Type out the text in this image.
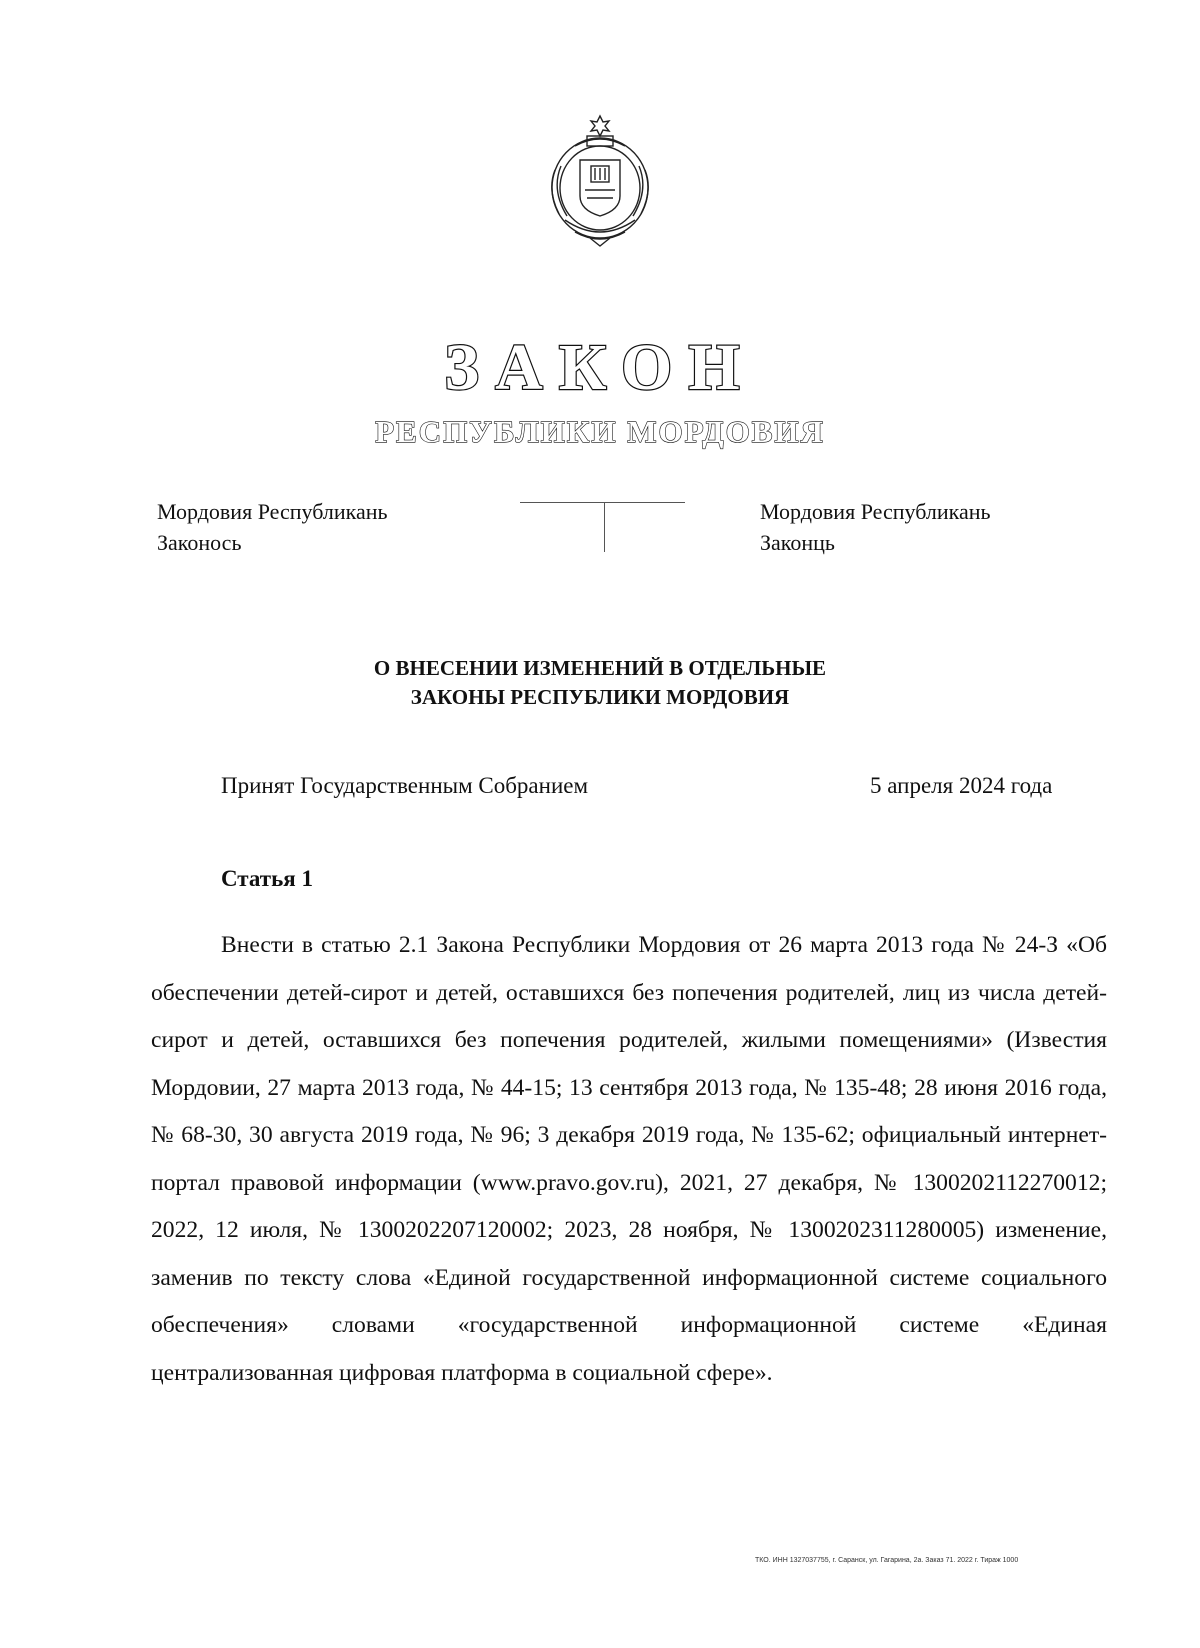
ЗАКОН
РЕСПУБЛИКИ МОРДОВИЯ
Мордовия Республикань
Законось
Мордовия Республикань
Законць
О ВНЕСЕНИИ ИЗМЕНЕНИЙ В ОТДЕЛЬНЫЕ
ЗАКОНЫ РЕСПУБЛИКИ МОРДОВИЯ
Принят Государственным Собранием	5 апреля 2024 года
Статья 1

Внести в статью 2.1 Закона Республики Мордовия от 26 марта 2013 года № 24-З «Об обеспечении детей-сирот и детей, оставшихся без попечения родителей, лиц из числа детей-сирот и детей, оставшихся без попечения родителей, жилыми помещениями» (Известия Мордовии, 27 марта 2013 года, № 44-15; 13 сентября 2013 года, № 135-48; 28 июня 2016 года, № 68-30, 30 августа 2019 года, № 96; 3 декабря 2019 года, № 135-62; официальный интернет-портал правовой информации (www.pravo.gov.ru), 2021, 27 декабря, № 1300202112270012; 2022, 12 июля, № 1300202207120002; 2023, 28 ноября, № 1300202311280005) изменение, заменив по тексту слова «Единой государственной информационной системе социального обеспечения» словами «государственной информационной системе «Единая централизованная цифровая платформа в социальной сфере».

ТКО. ИНН 1327037755, г. Саранск, ул. Гагарина, 2а. Заказ 71. 2022 г. Тираж 1000
